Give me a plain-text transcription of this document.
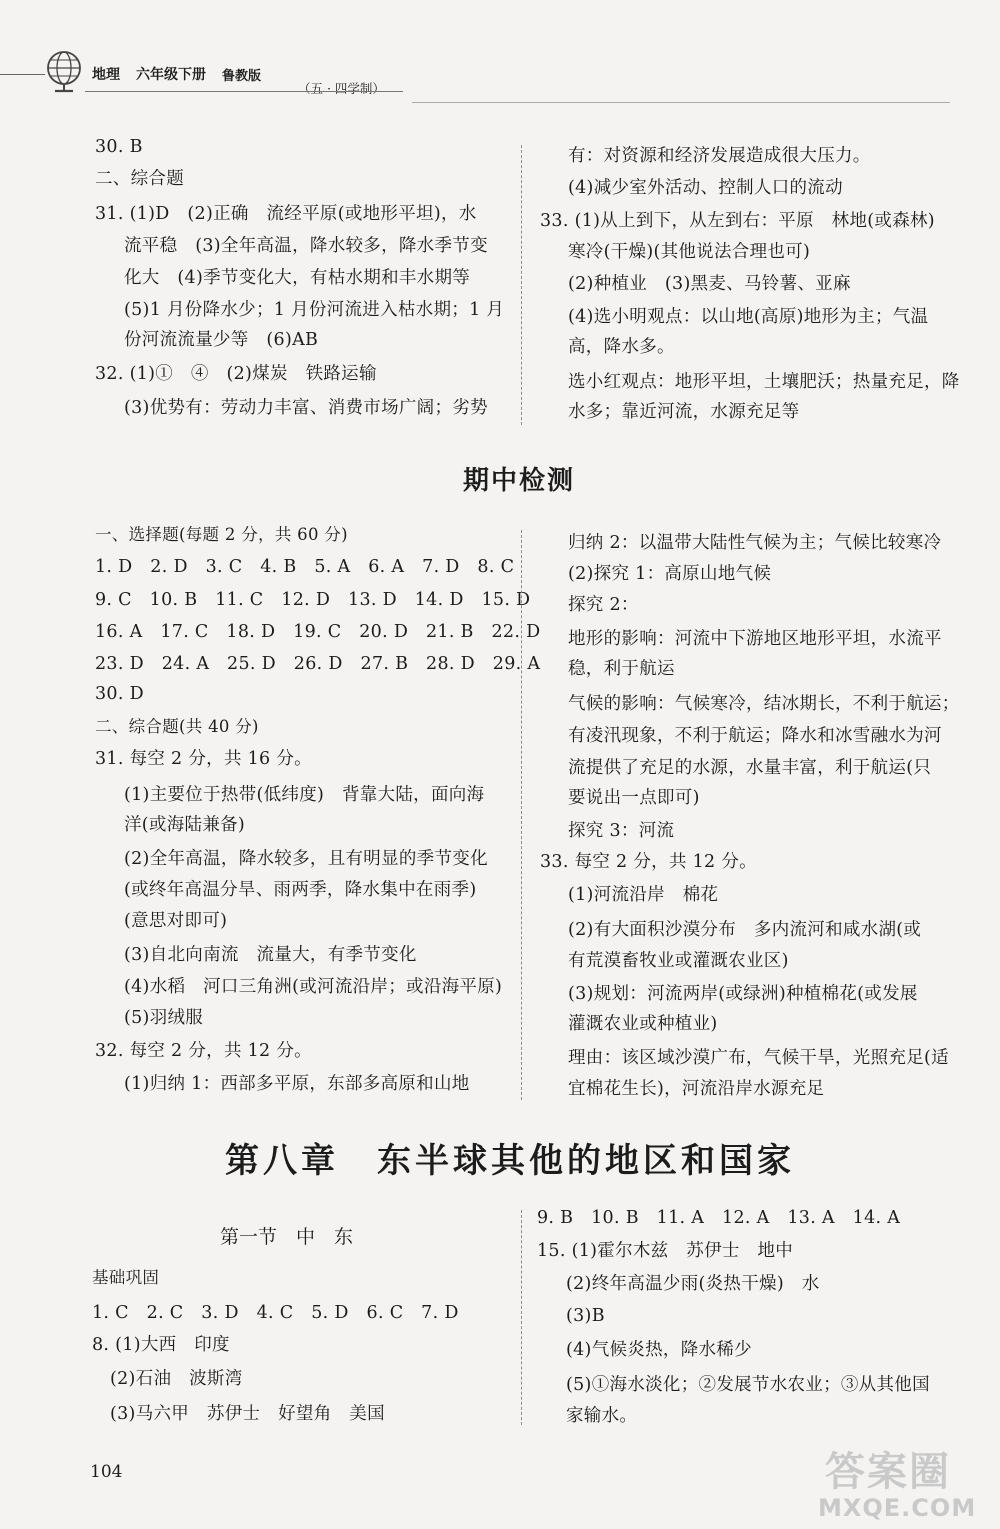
地理 六年级下册 鲁教版
（五 · 四学制）
30. B
二、综合题
31. (1)D　(2)正确　流经平原(或地形平坦)，水
流平稳　(3)全年高温，降水较多，降水季节变
化大　(4)季节变化大，有枯水期和丰水期等
(5)1 月份降水少；1 月份河流进入枯水期；1 月
份河流流量少等　(6)AB
32. (1)①　④　(2)煤炭　铁路运输
(3)优势有：劳动力丰富、消费市场广阔；劣势
有：对资源和经济发展造成很大压力。
(4)减少室外活动、控制人口的流动
33. (1)从上到下，从左到右：平原　林地(或森林)
寒冷(干燥)(其他说法合理也可)
(2)种植业　(3)黑麦、马铃薯、亚麻
(4)选小明观点：以山地(高原)地形为主；气温
高，降水多。
选小红观点：地形平坦，土壤肥沃；热量充足，降
水多；靠近河流，水源充足等
期中检测
一、选择题(每题 2 分，共 60 分)
1. D　2. D　3. C　4. B　5. A　6. A　7. D　8. C
9. C　10. B　11. C　12. D　13. D　14. D　15. D
16. A　17. C　18. D　19. C　20. D　21. B　22. D
23. D　24. A　25. D　26. D　27. B　28. D　29. A
30. D
二、综合题(共 40 分)
31. 每空 2 分，共 16 分。
(1)主要位于热带(低纬度)　背靠大陆，面向海
洋(或海陆兼备)
(2)全年高温，降水较多，且有明显的季节变化
(或终年高温分旱、雨两季，降水集中在雨季)
(意思对即可)
(3)自北向南流　流量大，有季节变化
(4)水稻　河口三角洲(或河流沿岸；或沿海平原)
(5)羽绒服
32. 每空 2 分，共 12 分。
(1)归纳 1：西部多平原，东部多高原和山地
归纳 2：以温带大陆性气候为主；气候比较寒冷
(2)探究 1：高原山地气候
探究 2：
地形的影响：河流中下游地区地形平坦，水流平
稳，利于航运
气候的影响：气候寒冷，结冰期长，不利于航运；
有凌汛现象，不利于航运；降水和冰雪融水为河
流提供了充足的水源，水量丰富，利于航运(只
要说出一点即可)
探究 3：河流
33. 每空 2 分，共 12 分。
(1)河流沿岸　棉花
(2)有大面积沙漠分布　多内流河和咸水湖(或
有荒漠畜牧业或灌溉农业区)
(3)规划：河流两岸(或绿洲)种植棉花(或发展
灌溉农业或种植业)
理由：该区域沙漠广布，气候干旱，光照充足(适
宜棉花生长)，河流沿岸水源充足
第八章　东半球其他的地区和国家
第一节　中　东
基础巩固
1. C　2. C　3. D　4. C　5. D　6. C　7. D
8. (1)大西　印度
(2)石油　波斯湾
(3)马六甲　苏伊士　好望角　美国
9. B　10. B　11. A　12. A　13. A　14. A
15. (1)霍尔木兹　苏伊士　地中
(2)终年高温少雨(炎热干燥)　水
(3)B
(4)气候炎热，降水稀少
(5)①海水淡化；②发展节水农业；③从其他国
家输水。
104	答案圈
MXQE.COM
